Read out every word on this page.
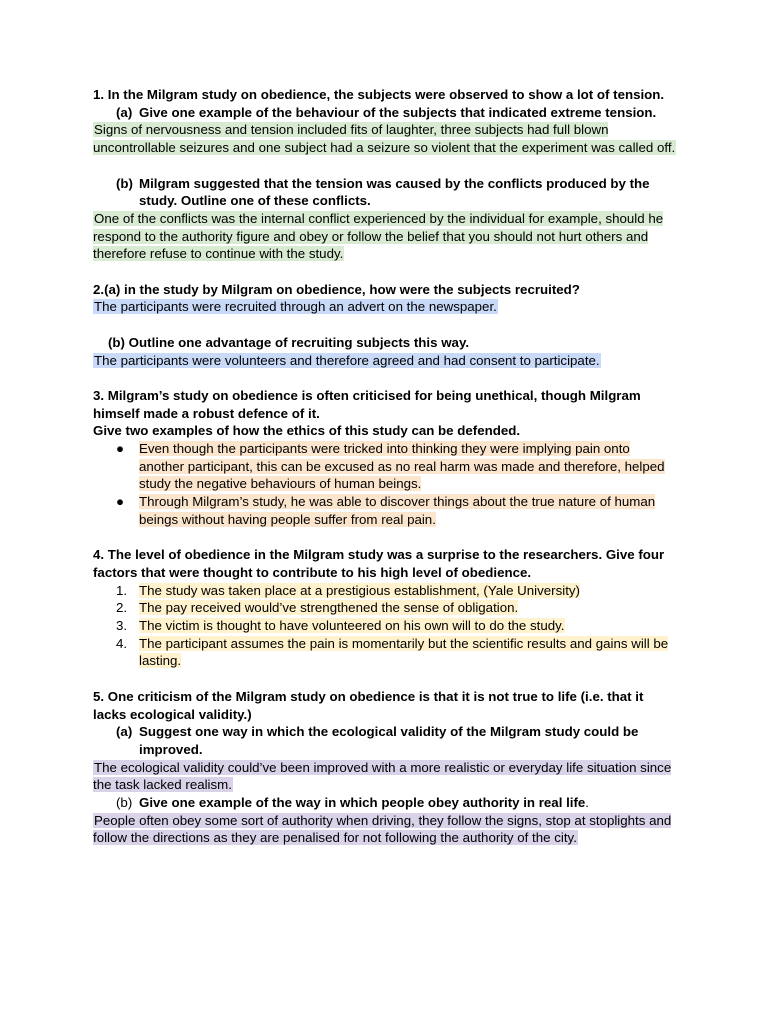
1. In the Milgram study on obedience, the subjects were observed to show a lot of tension.

(a) Give one example of the behaviour of the subjects that indicated extreme tension.

Signs of nervousness and tension included fits of laughter, three subjects had full blown uncontrollable seizures and one subject had a seizure so violent that the experiment was called off.

(b) Milgram suggested that the tension was caused by the conflicts produced by the study. Outline one of these conflicts.

One of the conflicts was the internal conflict experienced by the individual for example, should he respond to the authority figure and obey or follow the belief that you should not hurt others and therefore refuse to continue with the study.

2.(a) in the study by Milgram on obedience, how were the subjects recruited?

The participants were recruited through an advert on the newspaper.

(b) Outline one advantage of recruiting subjects this way.

The participants were volunteers and therefore agreed and had consent to participate.

3. Milgram’s study on obedience is often criticised for being unethical, though Milgram himself made a robust defence of it.

Give two examples of how the ethics of this study can be defended.

●	Even though the participants were tricked into thinking they were implying pain onto another participant, this can be excused as no real harm was made and therefore, helped study the negative behaviours of human beings.
●	Through Milgram’s study, he was able to discover things about the true nature of human beings without having people suffer from real pain.

4. The level of obedience in the Milgram study was a surprise to the researchers. Give four factors that were thought to contribute to his high level of obedience.

1. The study was taken place at a prestigious establishment, (Yale University)
2. The pay received would’ve strengthened the sense of obligation.
3. The victim is thought to have volunteered on his own will to do the study.
4. The participant assumes the pain is momentarily but the scientific results and gains will be lasting.

5. One criticism of the Milgram study on obedience is that it is not true to life (i.e. that it lacks ecological validity.)

(a) Suggest one way in which the ecological validity of the Milgram study could be improved.

The ecological validity could’ve been improved with a more realistic or everyday life situation since the task lacked realism.

(b) Give one example of the way in which people obey authority in real life.

People often obey some sort of authority when driving, they follow the signs, stop at stoplights and follow the directions as they are penalised for not following the authority of the city.
